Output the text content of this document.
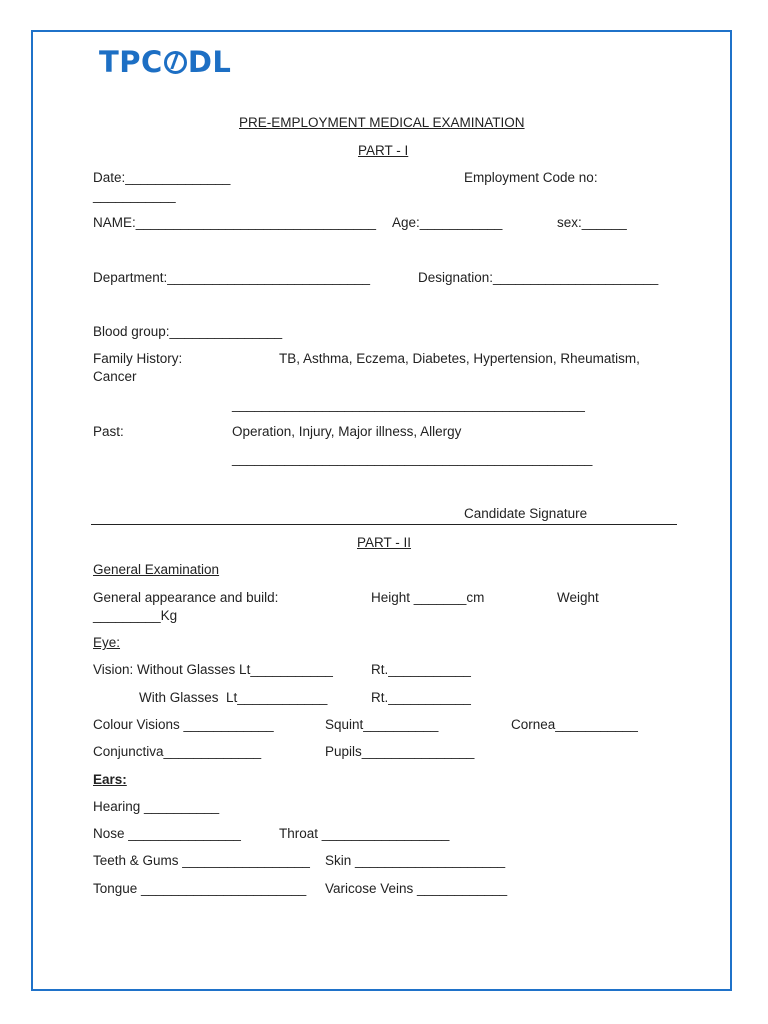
TPC DL
PRE-EMPLOYMENT MEDICAL EXAMINATION
PART - I
Date:______________	Employment Code no:
___________
NAME:________________________________ Age:___________	sex:______
Department:___________________________	Designation:______________________
Blood group:_______________
Family History:	TB, Asthma, Eczema, Diabetes, Hypertension, Rheumatism,
Cancer
_______________________________________________
Past:	Operation, Injury, Major illness, Allergy
________________________________________________
Candidate Signature
PART - II
General Examination
General appearance and build:	Height _______cm	Weight
_________Kg
Eye:
Vision: Without Glasses Lt___________	Rt.___________
With Glasses  Lt____________	Rt.___________
Colour Visions ____________	Squint__________	Cornea___________
Conjunctiva_____________	Pupils_______________
Ears:
Hearing __________
Nose _______________	Throat _________________
Teeth & Gums _________________ Skin ____________________
Tongue ______________________ Varicose Veins ____________
